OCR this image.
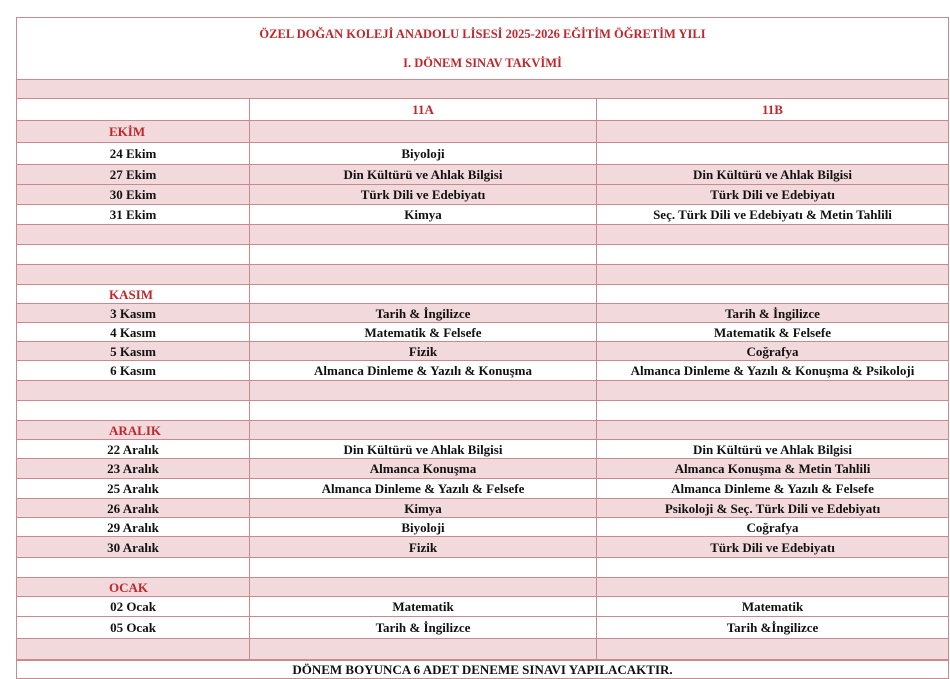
ÖZEL DOĞAN KOLEJİ ANADOLU LİSESİ 2025-2026 EĞİTİM ÖĞRETİM YILI
I. DÖNEM SINAV TAKVİMİ		

	11A	11B
EKİM		
24 Ekim	Biyoloji	
27 Ekim	Din Kültürü ve Ahlak Bilgisi	Din Kültürü ve Ahlak Bilgisi
30 Ekim	Türk Dili ve Edebiyatı	Türk Dili ve Edebiyatı
31 Ekim	Kimya	Seç. Türk Dili ve Edebiyatı & Metin Tahlili

KASIM		
3 Kasım	Tarih & İngilizce	Tarih & İngilizce
4 Kasım	Matematik & Felsefe	Matematik & Felsefe
5 Kasım	Fizik	Coğrafya
6 Kasım	Almanca Dinleme & Yazılı & Konuşma	Almanca Dinleme & Yazılı & Konuşma & Psikoloji

ARALIK		
22 Aralık	Din Kültürü ve Ahlak Bilgisi	Din Kültürü ve Ahlak Bilgisi
23 Aralık	Almanca Konuşma	Almanca Konuşma & Metin Tahlili
25 Aralık	Almanca Dinleme & Yazılı & Felsefe	Almanca Dinleme & Yazılı & Felsefe
26 Aralık	Kimya	Psikoloji & Seç. Türk Dili ve Edebiyatı
29 Aralık	Biyoloji	Coğrafya
30 Aralık	Fizik	Türk Dili ve Edebiyatı

OCAK		
02 Ocak	Matematik	Matematik
05 Ocak	Tarih & İngilizce	Tarih &İngilizce

DÖNEM BOYUNCA 6 ADET DENEME SINAVI YAPILACAKTIR.		
